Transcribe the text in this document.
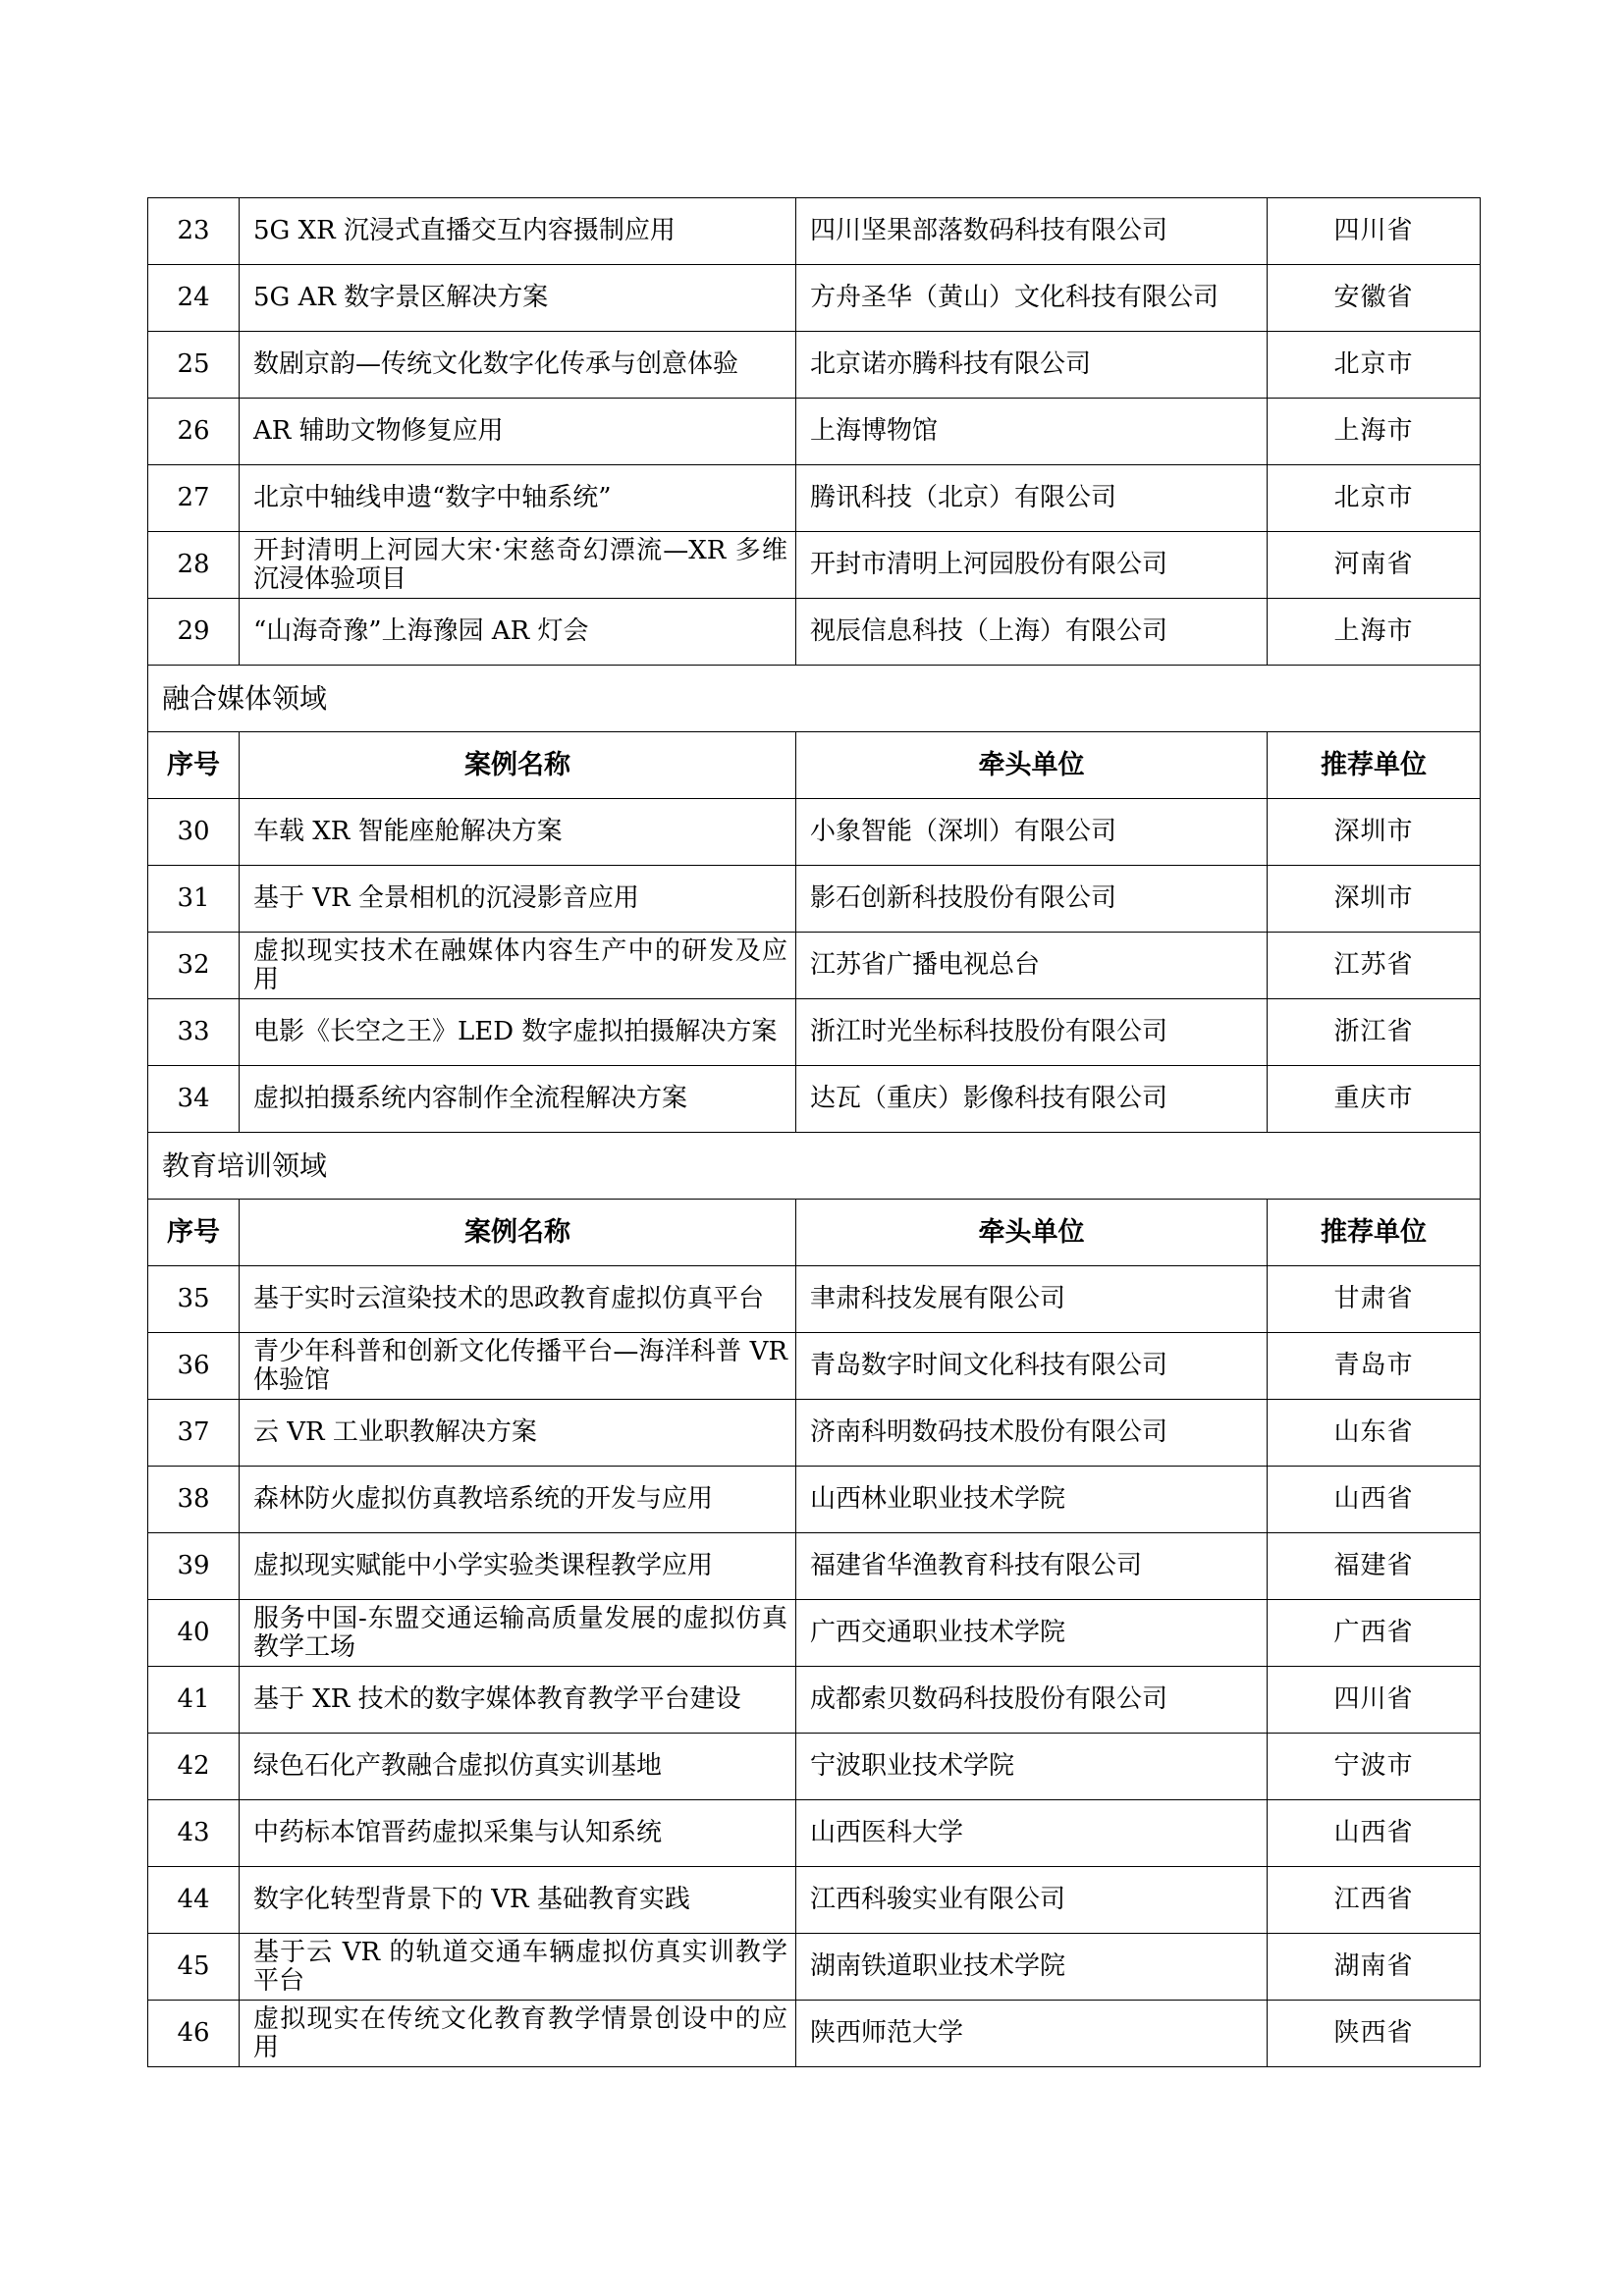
23	5G XR 沉浸式直播交互内容摄制应用	四川坚果部落数码科技有限公司	四川省
24	5G AR 数字景区解决方案	方舟圣华（黄山）文化科技有限公司	安徽省
25	数剧京韵—传统文化数字化传承与创意体验	北京诺亦腾科技有限公司	北京市
26	AR 辅助文物修复应用	上海博物馆	上海市
27	北京中轴线申遗“数字中轴系统”	腾讯科技（北京）有限公司	北京市
28	开封清明上河园大宋·宋慈奇幻漂流—XR 多维沉浸体验项目	开封市清明上河园股份有限公司	河南省
29	“山海奇豫”上海豫园 AR 灯会	视辰信息科技（上海）有限公司	上海市
融合媒体领域			
序号	案例名称	牵头单位	推荐单位
30	车载 XR 智能座舱解决方案	小象智能（深圳）有限公司	深圳市
31	基于 VR 全景相机的沉浸影音应用	影石创新科技股份有限公司	深圳市
32	虚拟现实技术在融媒体内容生产中的研发及应用	江苏省广播电视总台	江苏省
33	电影《长空之王》LED 数字虚拟拍摄解决方案	浙江时光坐标科技股份有限公司	浙江省
34	虚拟拍摄系统内容制作全流程解决方案	达瓦（重庆）影像科技有限公司	重庆市
教育培训领域			
序号	案例名称	牵头单位	推荐单位
35	基于实时云渲染技术的思政教育虚拟仿真平台	聿肃科技发展有限公司	甘肃省
36	青少年科普和创新文化传播平台—海洋科普 VR 体验馆	青岛数字时间文化科技有限公司	青岛市
37	云 VR 工业职教解决方案	济南科明数码技术股份有限公司	山东省
38	森林防火虚拟仿真教培系统的开发与应用	山西林业职业技术学院	山西省
39	虚拟现实赋能中小学实验类课程教学应用	福建省华渔教育科技有限公司	福建省
40	服务中国-东盟交通运输高质量发展的虚拟仿真教学工场	广西交通职业技术学院	广西省
41	基于 XR 技术的数字媒体教育教学平台建设	成都索贝数码科技股份有限公司	四川省
42	绿色石化产教融合虚拟仿真实训基地	宁波职业技术学院	宁波市
43	中药标本馆晋药虚拟采集与认知系统	山西医科大学	山西省
44	数字化转型背景下的 VR 基础教育实践	江西科骏实业有限公司	江西省
45	基于云 VR 的轨道交通车辆虚拟仿真实训教学平台	湖南铁道职业技术学院	湖南省
46	虚拟现实在传统文化教育教学情景创设中的应用	陕西师范大学	陕西省
